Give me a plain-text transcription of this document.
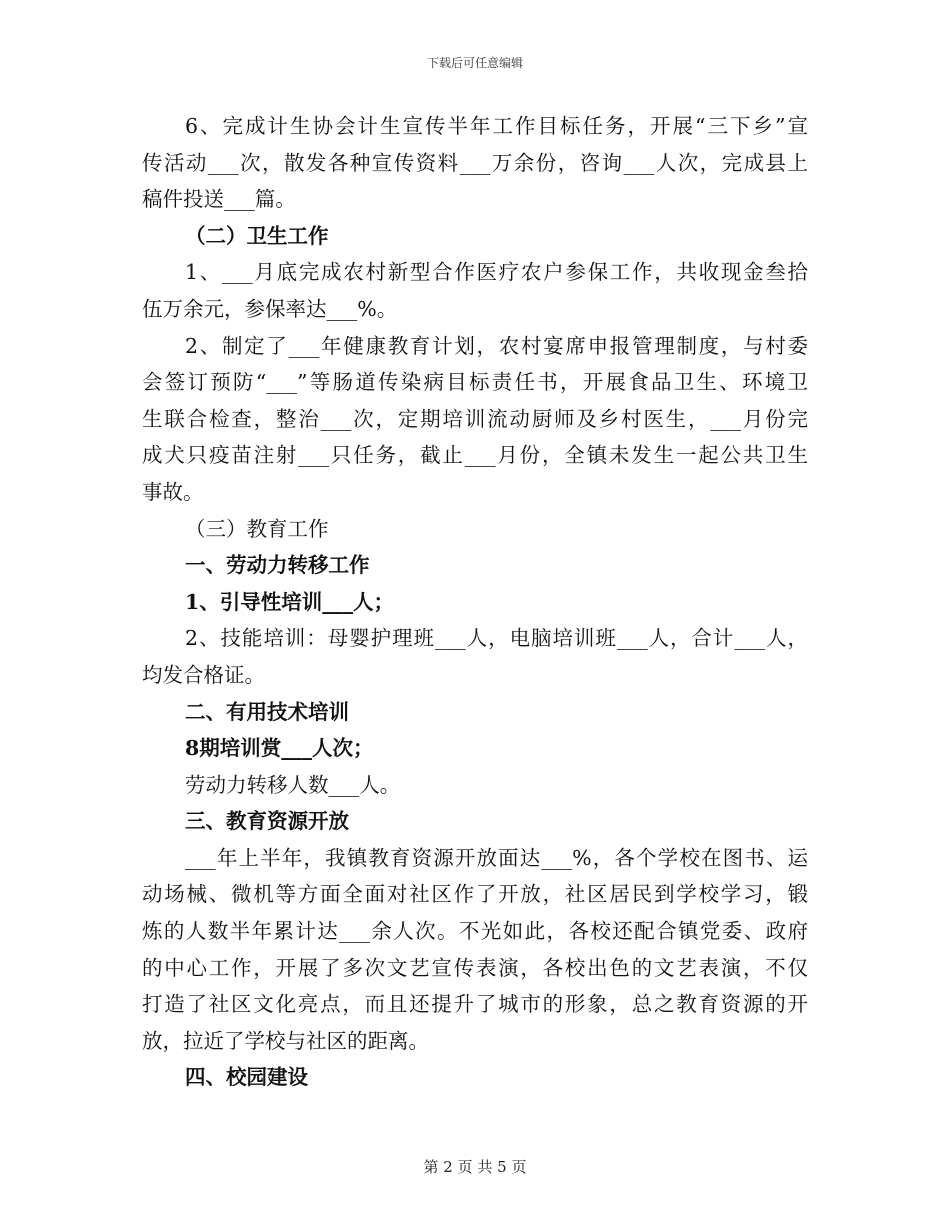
下载后可任意编辑
6、完成计生协会计生宣传半年工作目标任务，开展“三下乡”宣
传活动___次，散发各种宣传资料___万余份，咨询___人次，完成县上
稿件投送___篇。
（二）卫生工作
1、___月底完成农村新型合作医疗农户参保工作，共收现金叁拾
伍万余元，参保率达___%。
2、制定了___年健康教育计划，农村宴席申报管理制度，与村委
会签订预防“___”等肠道传染病目标责任书，开展食品卫生、环境卫
生联合检查，整治___次，定期培训流动厨师及乡村医生，___月份完
成犬只疫苗注射___只任务，截止___月份，全镇未发生一起公共卫生
事故。
（三）教育工作
一、劳动力转移工作
1、引导性培训___人；
2、技能培训：母婴护理班___人，电脑培训班___人，合计___人，
均发合格证。
二、有用技术培训
8期培训赏___人次；
劳动力转移人数___人。
三、教育资源开放
___年上半年，我镇教育资源开放面达___%，各个学校在图书、运
动场械、微机等方面全面对社区作了开放，社区居民到学校学习，锻
炼的人数半年累计达___余人次。不光如此，各校还配合镇党委、政府
的中心工作，开展了多次文艺宣传表演，各校出色的文艺表演，不仅
打造了社区文化亮点，而且还提升了城市的形象，总之教育资源的开
放，拉近了学校与社区的距离。
四、校园建设
第 2 页 共 5 页
